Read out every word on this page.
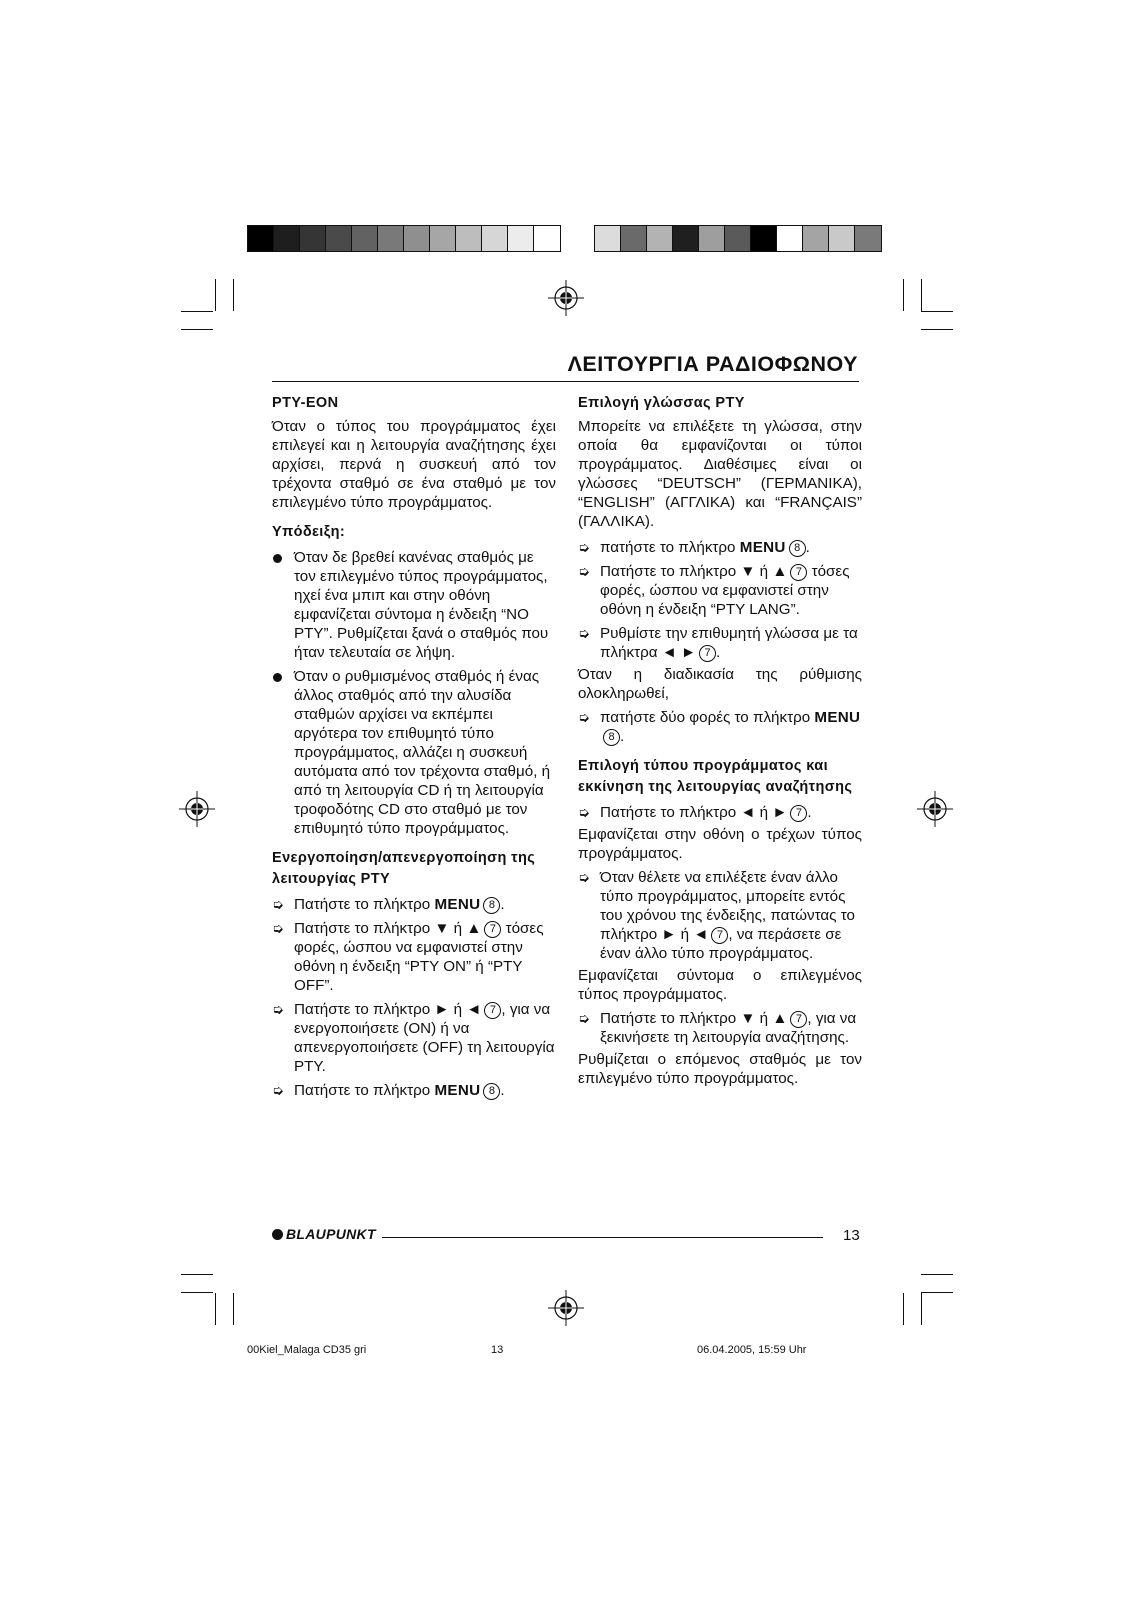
ΛΕΙΤΟΥΡΓΙΑ ΡΑΔΙΟΦΩΝΟΥ
PTY-EON

Όταν ο τύπος του προγράμματος έχει επιλεγεί και η λειτουργία αναζήτησης έχει αρχίσει, περνά η συσκευή από τον τρέχοντα σταθμό σε ένα σταθμό με τον επιλεγμένο τύπο προγράμματος.

Υπόδειξη:
Όταν δε βρεθεί κανένας σταθμός με τον επιλεγμένο τύπος προγράμματος, ηχεί ένα μπιπ και στην οθόνη εμφανίζεται σύντομα η ένδειξη “NO PTY”. Ρυθμίζεται ξανά ο σταθμός που ήταν τελευταία σε λήψη.
Όταν ο ρυθμισμένος σταθμός ή ένας άλλος σταθμός από την αλυσίδα σταθμών αρχίσει να εκπέμπει αργότερα τον επιθυμητό τύπο προγράμματος, αλλάζει η συσκευή αυτόματα από τον τρέχοντα σταθμό, ή από τη λειτουργία CD ή τη λειτουργία τροφοδότης CD στο σταθμό με τον επιθυμητό τύπο προγράμματος.
Ενεργοποίηση/απενεργοποίηση της λειτουργίας PTY
➭ Πατήστε το πλήκτρο MENU 8 .
➭ Πατήστε το πλήκτρο ▼ ή ▲ 7 τόσες φορές, ώσπου να εμφανιστεί στην οθόνη η ένδειξη “PTY ON” ή “PTY OFF”.
➭ Πατήστε το πλήκτρο ► ή ◄ 7 , για να ενεργοποιήσετε (ON) ή να απενεργοποιήσετε (OFF) τη λειτουργία PTY.
➭ Πατήστε το πλήκτρο MENU 8 .
Επιλογή γλώσσας PTY

Μπορείτε να επιλέξετε τη γλώσσα, στην οποία θα εμφανίζονται οι τύποι προγράμματος. Διαθέσιμες είναι οι γλώσσες “DEUTSCH” (ΓΕΡΜΑΝΙΚΑ), “ENGLISH” (ΑΓΓΛΙΚΑ) και “FRANÇAIS” (ΓΑΛΛΙΚΑ).

➭ πατήστε το πλήκτρο MENU 8 .
➭ Πατήστε το πλήκτρο ▼ ή ▲ 7 τόσες φορές, ώσπου να εμφανιστεί στην οθόνη η ένδειξη “PTY LANG”.
➭ Ρυθμίστε την επιθυμητή γλώσσα με τα πλήκτρα ◄ ► 7 .

Όταν η διαδικασία της ρύθμισης ολοκληρωθεί,

➭ πατήστε δύο φορές το πλήκτρο MENU8 .
Επιλογή τύπου προγράμματος και εκκίνηση της λειτουργίας αναζήτησης
➭ Πατήστε το πλήκτρο ◄ ή ► 7 .

Εμφανίζεται στην οθόνη ο τρέχων τύπος προγράμματος.

➭ Όταν θέλετε να επιλέξετε έναν άλλο τύπο προγράμματος, μπορείτε εντός του χρόνου της ένδειξης, πατώντας το πλήκτρο ► ή ◄ 7 , να περάσετε σε έναν άλλο τύπο προγράμματος.

Εμφανίζεται σύντομα ο επιλεγμένος τύπος προγράμματος.

➭ Πατήστε το πλήκτρο ▼ ή ▲ 7 , για να ξεκινήσετε τη λειτουργία αναζήτησης.

Ρυθμίζεται ο επόμενος σταθμός με τον επιλεγμένο τύπο προγράμματος.

BLAUPUNKT	13
00Kiel_Malaga CD35 gri	13	06.04.2005, 15:59 Uhr
